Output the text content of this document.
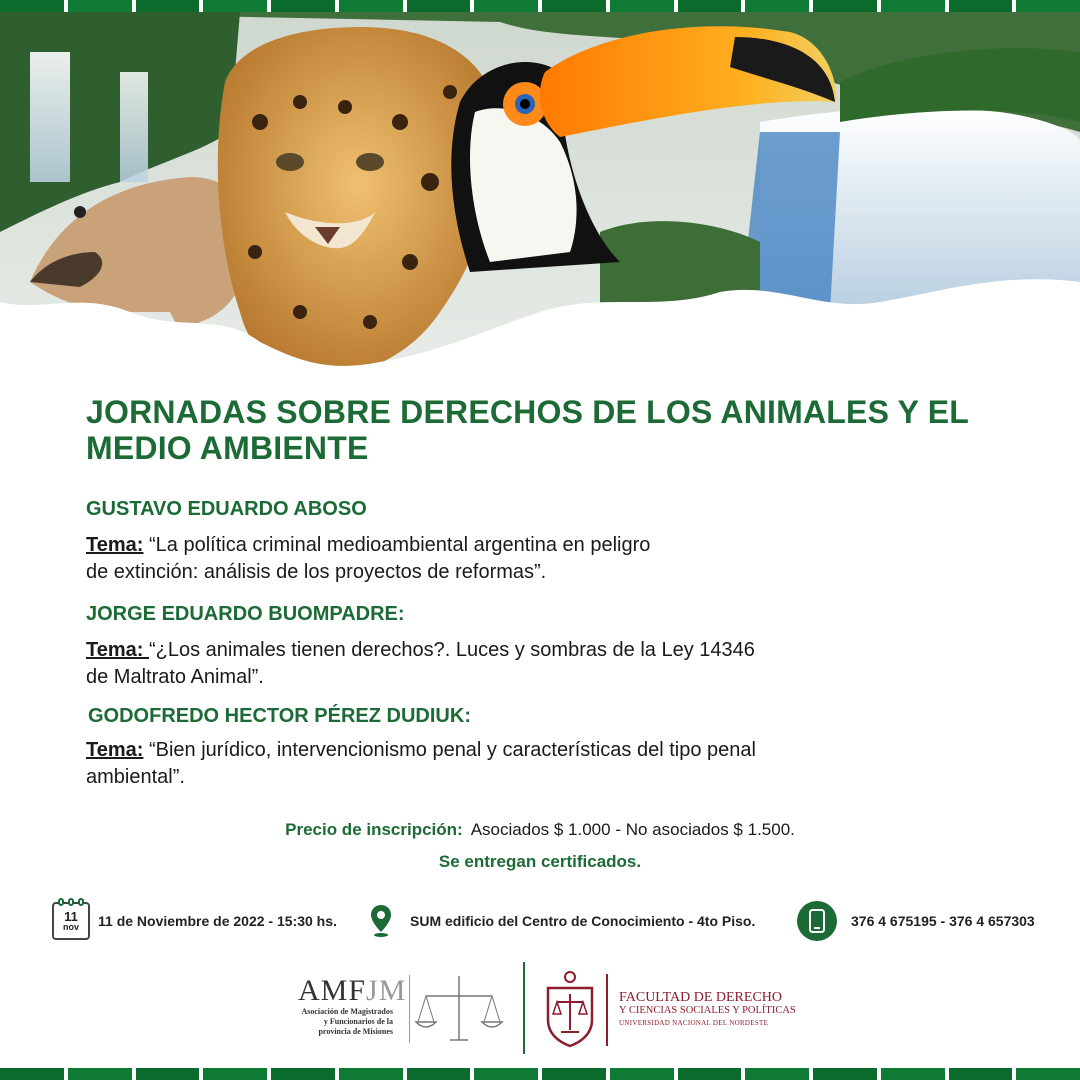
JORNADAS SOBRE DERECHOS DE LOS ANIMALES Y EL MEDIO AMBIENTE

GUSTAVO EDUARDO ABOSO

Tema: “La política criminal medioambiental argentina en peligro
de extinción: análisis de los proyectos de reformas”.

JORGE EDUARDO BUOMPADRE:

Tema: “¿Los animales tienen derechos?. Luces y sombras de la Ley 14346
de Maltrato Animal”.

GODOFREDO HECTOR PÉREZ DUDIUK:

Tema: “Bien jurídico, intervencionismo penal y características del tipo penal
ambiental”.

Precio de inscripción: Asociados $ 1.000 - No asociados $ 1.500.
Se entregan certificados.
11
nov 11 de Noviembre de 2022 - 15:30 hs.	SUM edificio del Centro de Conocimiento - 4to Piso.	376 4 675195 - 376 4 657303
AMFJM
Asociación de Magistrados
y Funcionarios de la
provincia de Misiones
FACULTAD DE DERECHO
Y CIENCIAS SOCIALES Y POLÍTICAS
UNIVERSIDAD NACIONAL DEL NORDESTE
